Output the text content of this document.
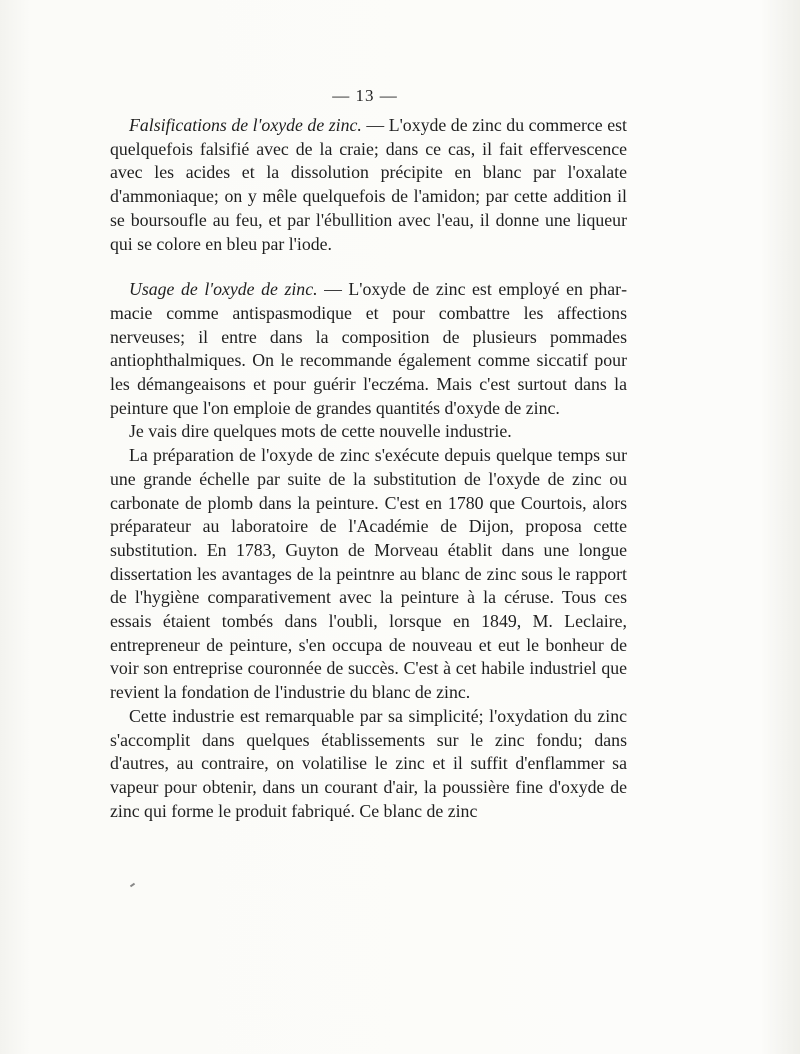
— 13 —

Falsifications de l'oxyde de zinc. — L'oxyde de zinc du commerce est quelquefois falsifié avec de la craie; dans ce cas, il fait effervescence avec les acides et la dissolution précipite en blanc par l'oxalate d'ammoniaque; on y mêle quelquefois de l'amidon; par cette addition il se boursoufle au feu, et par l'ébullition avec l'eau, il donne une liqueur qui se colore en bleu par l'iode.

Usage de l'oxyde de zinc. — L'oxyde de zinc est employé en pharmacie comme antispasmodique et pour combattre les affections nerveuses; il entre dans la composition de plusieurs pommades antiophthalmiques. On le recommande également comme siccatif pour les démangeaisons et pour guérir l'eczéma. Mais c'est surtout dans la peinture que l'on emploie de grandes quantités d'oxyde de zinc.

Je vais dire quelques mots de cette nouvelle industrie.

La préparation de l'oxyde de zinc s'exécute depuis quelque temps sur une grande échelle par suite de la substitution de l'oxyde de zinc ou carbonate de plomb dans la peinture. C'est en 1780 que Courtois, alors préparateur au laboratoire de l'Académie de Dijon, proposa cette substitution. En 1783, Guyton de Morveau établit dans une longue dissertation les avantages de la peintnre au blanc de zinc sous le rapport de l'hygiène comparativement avec la peinture à la céruse. Tous ces essais étaient tombés dans l'oubli, lorsque en 1849, M. Leclaire, entrepreneur de peinture, s'en occupa de nouveau et eut le bonheur de voir son entreprise couronnée de succès. C'est à cet habile industriel que revient la fondation de l'industrie du blanc de zinc.

Cette industrie est remarquable par sa simplicité; l'oxydation du zinc s'accomplit dans quelques établissements sur le zinc fondu; dans d'autres, au contraire, on volatilise le zinc et il suffit d'enflammer sa vapeur pour obtenir, dans un courant d'air, la poussière fine d'oxyde de zinc qui forme le produit fabriqué. Ce blanc de zinc
